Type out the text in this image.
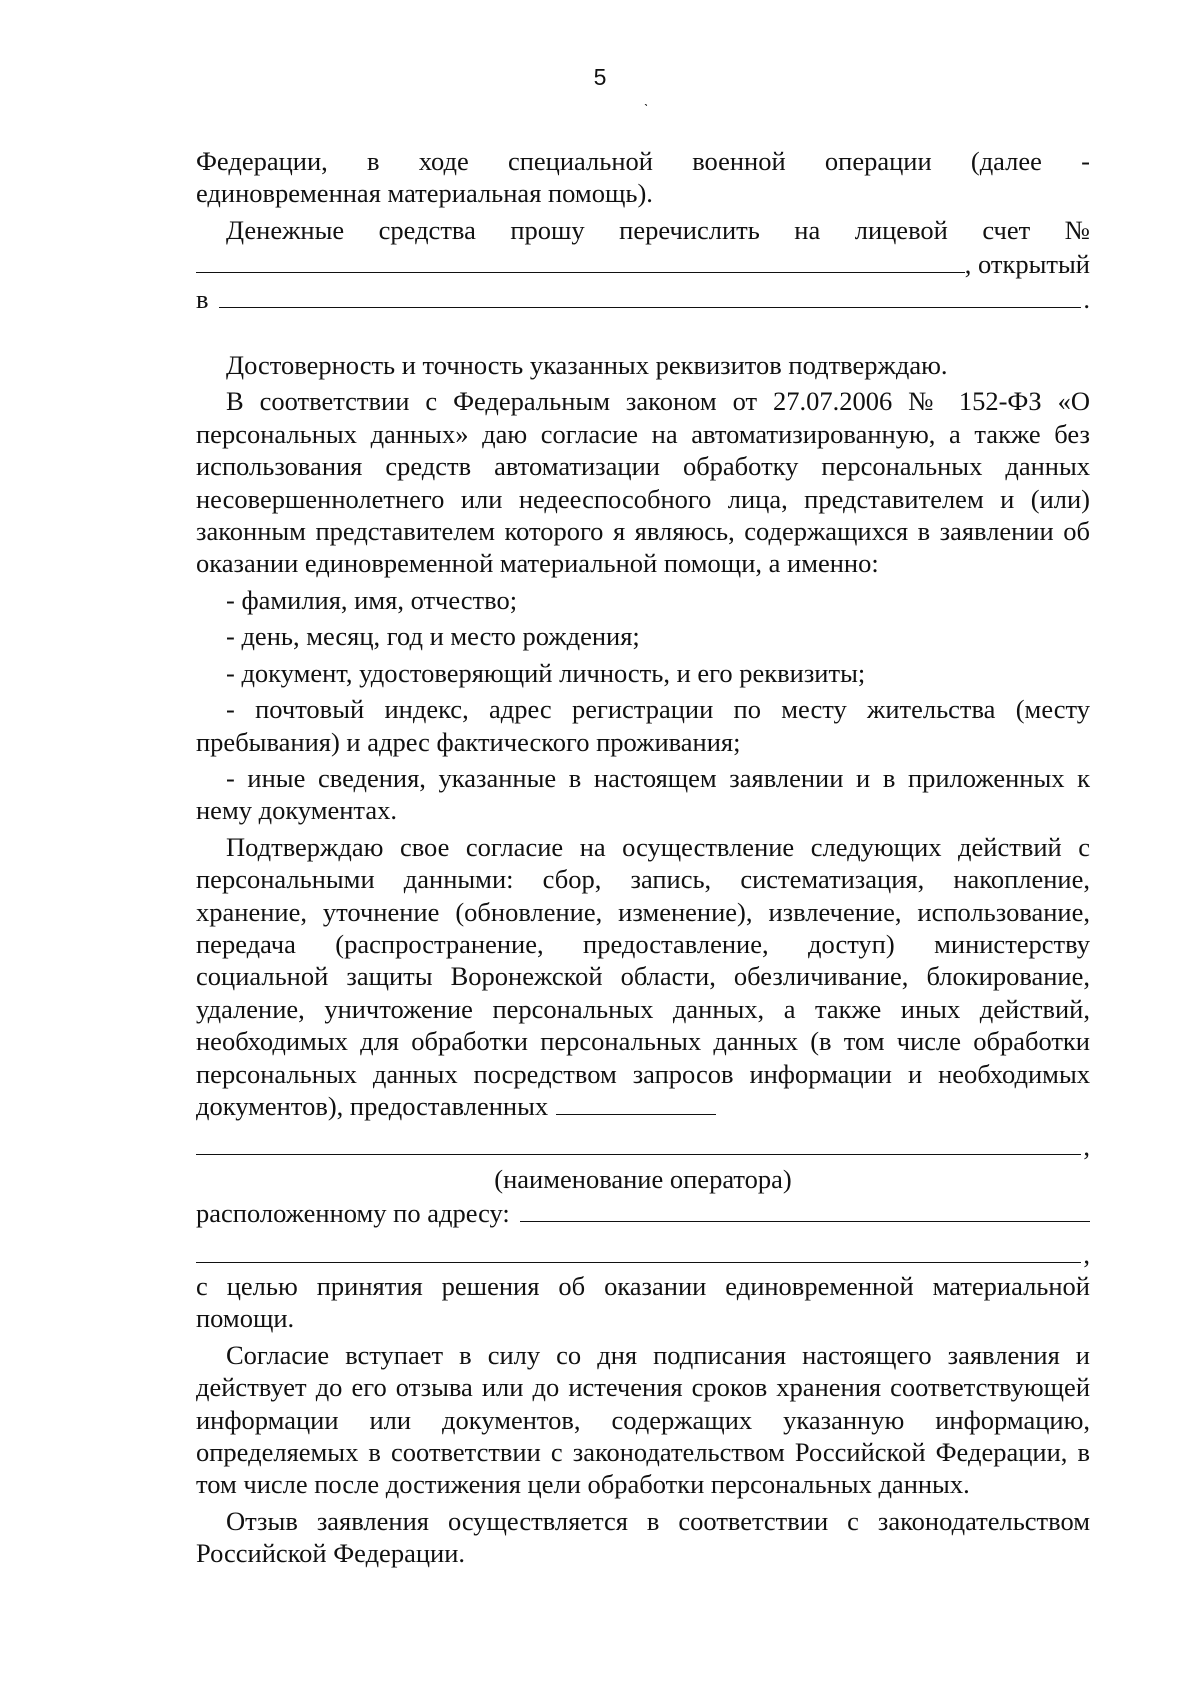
5
ˎ

Федерации, в ходе специальной военной операции (далее -

единовременная материальная помощь).

Денежные средства прошу перечислить на лицевой счет №

, открытый
в	.

Достоверность и точность указанных реквизитов подтверждаю.

В соответствии с Федеральным законом от 27.07.2006 № 152-ФЗ «О персональных данных» даю согласие на автоматизированную, а также без использования средств автоматизации обработку персональных данных несовершеннолетнего или недееспособного лица, представителем и (или) законным представителем которого я являюсь, содержащихся в заявлении об оказании единовременной материальной помощи, а именно:

- фамилия, имя, отчество;

- день, месяц, год и место рождения;

- документ, удостоверяющий личность, и его реквизиты;

- почтовый индекс, адрес регистрации по месту жительства (месту пребывания) и адрес фактического проживания;

- иные сведения, указанные в настоящем заявлении и в приложенных к нему документах.

Подтверждаю свое согласие на осуществление следующих действий с персональными данными: сбор, запись, систематизация, накопление, хранение, уточнение (обновление, изменение), извлечение, использование, передача (распространение, предоставление, доступ) министерству социальной защиты Воронежской области, обезличивание, блокирование, удаление, уничтожение персональных данных, а также иных действий, необходимых для обработки персональных данных (в том числе обработки персональных данных посредством запросов информации и необходимых документов), предоставленных

,

(наименование оператора)

расположенному по адресу:
,

с целью принятия решения об оказании единовременной материальной помощи.

Согласие вступает в силу со дня подписания настоящего заявления и действует до его отзыва или до истечения сроков хранения соответствующей информации или документов, содержащих указанную информацию, определяемых в соответствии с законодательством Российской Федерации, в том числе после достижения цели обработки персональных данных.

Отзыв заявления осуществляется в соответствии с законодательством Российской Федерации.
